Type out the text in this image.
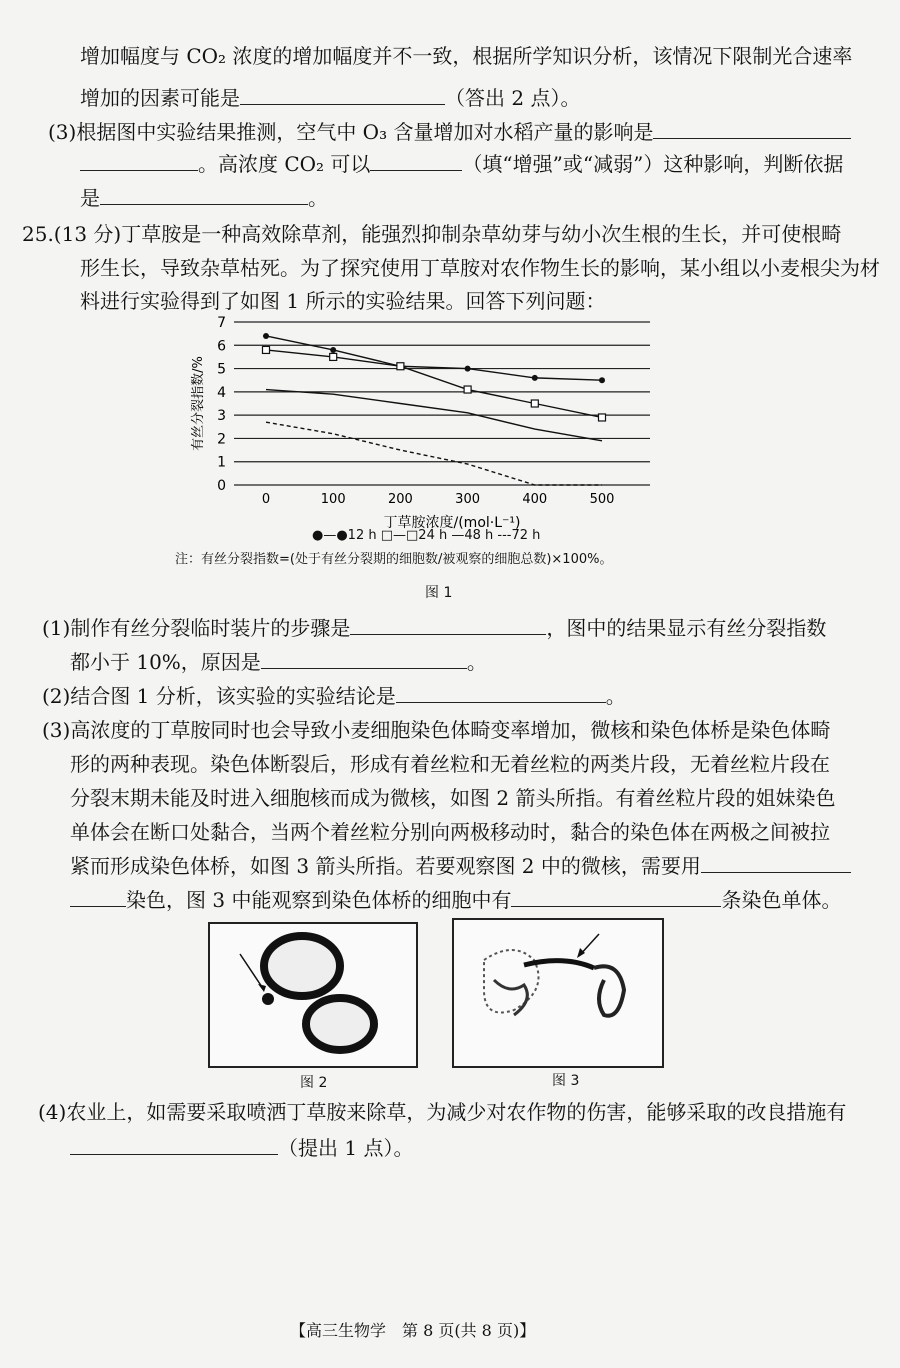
增加幅度与 CO₂ 浓度的增加幅度并不一致，根据所学知识分析，该情况下限制光合速率
增加的因素可能是	（答出 2 点）。
(3)根据图中实验结果推测，空气中 O₃ 含量增加对水稻产量的影响是
。高浓度 CO₂ 可以	（填“增强”或“减弱”）这种影响，判断依据
是	。
25.(13 分)丁草胺是一种高效除草剂，能强烈抑制杂草幼芽与幼小次生根的生长，并可使根畸
形生长，导致杂草枯死。为了探究使用丁草胺对农作物生长的影响，某小组以小麦根尖为材
料进行实验得到了如图 1 所示的实验结果。回答下列问题：
0
1
2
3
4
5
6
7
0	100	200	300	400	500
有丝分裂指数/%
丁草胺浓度/(mol·L⁻¹)
●—●12 h □—□24 h —48 h ---72 h
注：有丝分裂指数=(处于有丝分裂期的细胞数/被观察的细胞总数)×100%。
图 1
(1)制作有丝分裂临时装片的步骤是	，图中的结果显示有丝分裂指数
都小于 10%，原因是	。
(2)结合图 1 分析，该实验的实验结论是	。
(3)高浓度的丁草胺同时也会导致小麦细胞染色体畸变率增加，微核和染色体桥是染色体畸
形的两种表现。染色体断裂后，形成有着丝粒和无着丝粒的两类片段，无着丝粒片段在
分裂末期未能及时进入细胞核而成为微核，如图 2 箭头所指。有着丝粒片段的姐妹染色
单体会在断口处黏合，当两个着丝粒分别向两极移动时，黏合的染色体在两极之间被拉
紧而形成染色体桥，如图 3 箭头所指。若要观察图 2 中的微核，需要用
染色，图 3 中能观察到染色体桥的细胞中有	条染色单体。
图 2	图 3
(4)农业上，如需要采取喷洒丁草胺来除草，为减少对农作物的伤害，能够采取的改良措施有
（提出 1 点）。
【高三生物学　第 8 页(共 8 页)】
